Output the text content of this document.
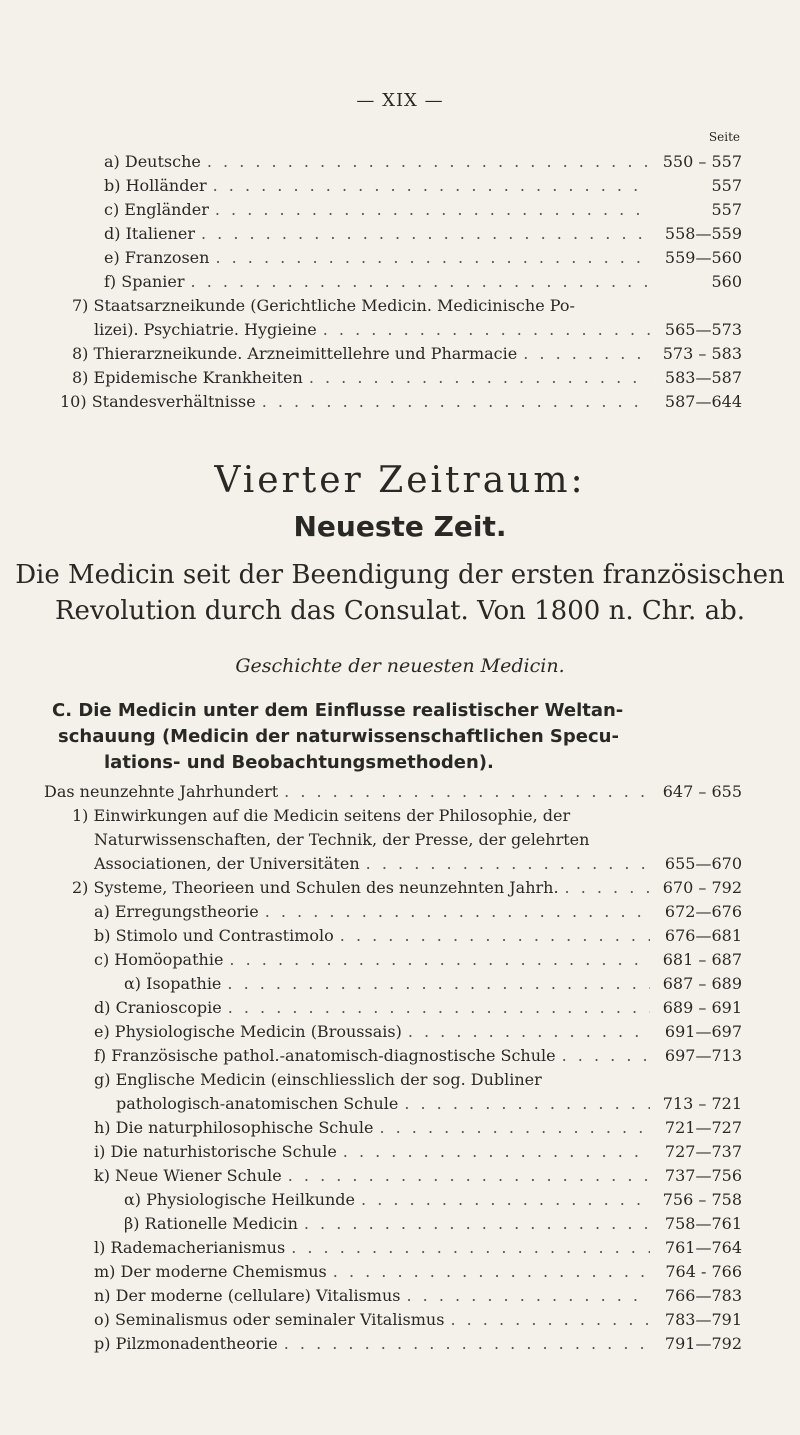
— XIX —
Seite
a) Deutsche . . .	550 – 557
b) Holländer . . .	557
c) Engländer . . .	557
d) Italiener . . .	558—559
e) Franzosen . . .	559—560
f) Spanier . . .	560
7) Staatsarzneikunde (Gerichtliche Medicin. Medicinische Po-
lizei). Psychiatrie. Hygieine . . .	565—573
8) Thierarzneikunde. Arzneimittellehre und Pharmacie . . .	573 – 583
8) Epidemische Krankheiten . . .	583—587
10) Standesverhältnisse . . .	587—644
Vierter Zeitraum:
Neueste Zeit.
Die Medicin seit der Beendigung der ersten französischen
Revolution durch das Consulat. Von 1800 n. Chr. ab.
Geschichte der neuesten Medicin.
C. Die Medicin unter dem Einflusse realistischer Weltan-
schauung (Medicin der naturwissenschaftlichen Specu-
lations- und Beobachtungsmethoden).
Das neunzehnte Jahrhundert . . .	647 – 655
1) Einwirkungen auf die Medicin seitens der Philosophie, der
Naturwissenschaften, der Technik, der Presse, der gelehrten
Associationen, der Universitäten . . .	655—670
2) Systeme, Theorieen und Schulen des neunzehnten Jahrh. . . .	670 – 792
a) Erregungstheorie . . .	672—676
b) Stimolo und Contrastimolo . . .	676—681
c) Homöopathie . . .	681 – 687
α) Isopathie . . .	687 – 689
d) Cranioscopie . . .	689 – 691
e) Physiologische Medicin (Broussais) . . .	691—697
f) Französische pathol.-anatomisch-diagnostische Schule . . .	697—713
g) Englische Medicin (einschliesslich der sog. Dubliner
pathologisch-anatomischen Schule . . .	713 – 721
h) Die naturphilosophische Schule . . .	721—727
i) Die naturhistorische Schule . . .	727—737
k) Neue Wiener Schule . . .	737—756
α) Physiologische Heilkunde . . .	756 – 758
β) Rationelle Medicin . . .	758—761
l) Rademacherianismus . . .	761—764
m) Der moderne Chemismus . . .	764 - 766
n) Der moderne (cellulare) Vitalismus . . .	766—783
o) Seminalismus oder seminaler Vitalismus . . .	783—791
p) Pilzmonadentheorie . . .	791—792
